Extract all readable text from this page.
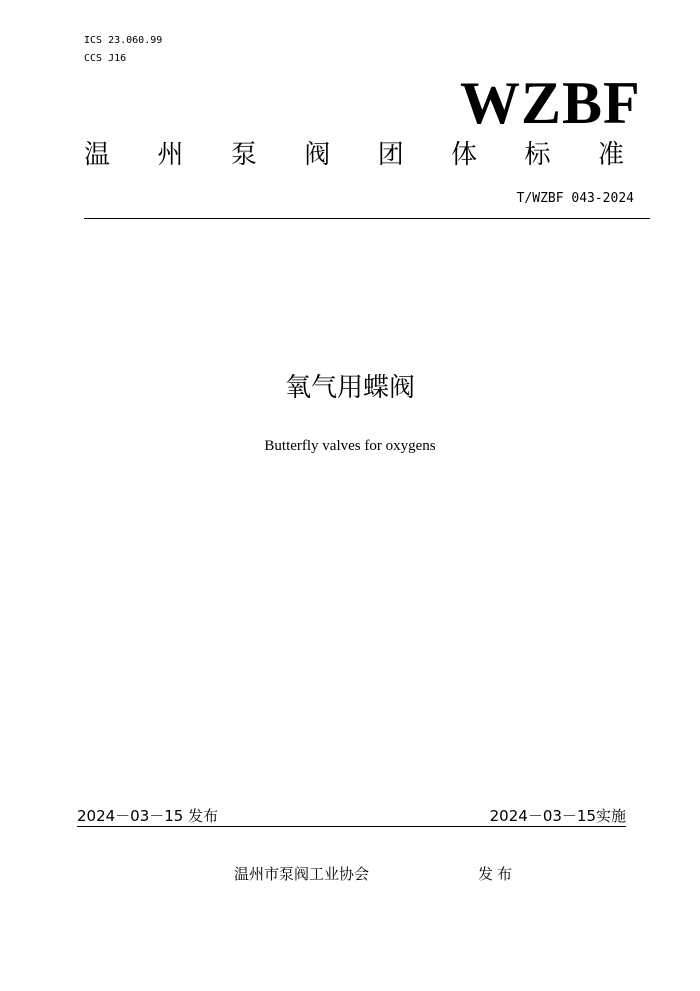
ICS 23.060.99
CCS J16
WZBF
温 州 泵 阀 团 体 标 准
T/WZBF 043-2024
氧气用蝶阀
Butterfly valves for oxygens
2024－03－15 发布	2024－03－15实施
温州市泵阀工业协会	发布
